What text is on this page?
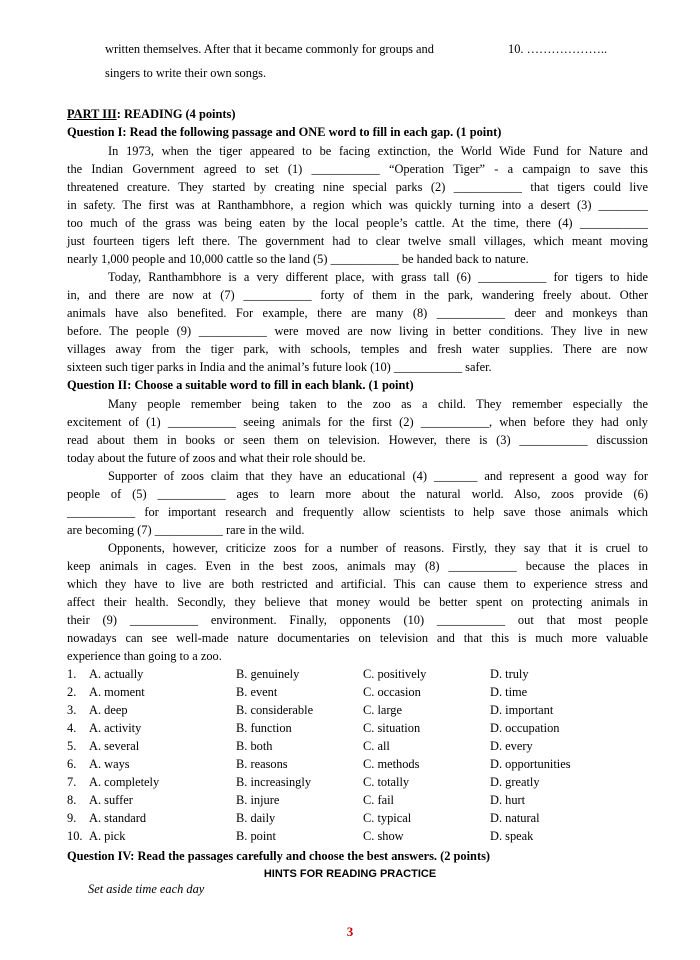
written themselves. After that it became commonly for groups and	10. ………………..
singers to write their own songs.
PART III: READING (4 points)
Question I: Read the following passage and ONE word to fill in each gap. (1 point)
In 1973, when the tiger appeared to be facing extinction, the World Wide Fund for Nature and
the Indian Government agreed to set (1) ___________ “Operation Tiger” - a campaign to save this
threatened creature. They started by creating nine special parks (2) ___________ that tigers could live
in safety. The first was at Ranthambhore, a region which was quickly turning into a desert (3) ________
too much of the grass was being eaten by the local people’s cattle. At the time, there (4) ___________
just fourteen tigers left there. The government had to clear twelve small villages, which meant moving
nearly 1,000 people and 10,000 cattle so the land (5) ___________ be handed back to nature.
Today, Ranthambhore is a very different place, with grass tall (6) ___________ for tigers to hide
in, and there are now at (7) ___________ forty of them in the park, wandering freely about. Other
animals have also benefited. For example, there are many (8) ___________ deer and monkeys than
before. The people (9) ___________ were moved are now living in better conditions. They live in new
villages away from the tiger park, with schools, temples and fresh water supplies. There are now
sixteen such tiger parks in India and the animal’s future look (10) ___________ safer.
Question II: Choose a suitable word to fill in each blank. (1 point)
Many people remember being taken to the zoo as a child. They remember especially the
excitement of (1) ___________ seeing animals for the first (2) ___________, when before they had only
read about them in books or seen them on television. However, there is (3) ___________ discussion
today about the future of zoos and what their role should be.
Supporter of zoos claim that they have an educational (4) _______ and represent a good way for
people of (5) ___________ ages to learn more about the natural world. Also, zoos provide (6)
___________ for important research and frequently allow scientists to help save those animals which
are becoming (7) ___________ rare in the wild.
Opponents, however, criticize zoos for a number of reasons. Firstly, they say that it is cruel to
keep animals in cages. Even in the best zoos, animals may (8) ___________ because the places in
which they have to live are both restricted and artificial. This can cause them to experience stress and
affect their health. Secondly, they believe that money would be better spent on protecting animals in
their (9) ___________ environment. Finally, opponents (10) ___________ out that most people
nowadays can see well-made nature documentaries on television and that this is much more valuable
experience than going to a zoo.
1. A. actually	B. genuinely	C. positively	D. truly
2. A. moment	B. event	C. occasion	D. time
3. A. deep	B. considerable	C. large	D. important
4. A. activity	B. function	C. situation	D. occupation
5. A. several	B. both	C. all	D. every
6. A. ways	B. reasons	C. methods	D. opportunities
7. A. completely	B. increasingly	C. totally	D. greatly
8. A. suffer	B. injure	C. fail	D. hurt
9. A. standard	B. daily	C. typical	D. natural
10. A. pick	B. point	C. show	D. speak
Question IV: Read the passages carefully and choose the best answers. (2 points)
HINTS FOR READING PRACTICE
Set aside time each day
3
